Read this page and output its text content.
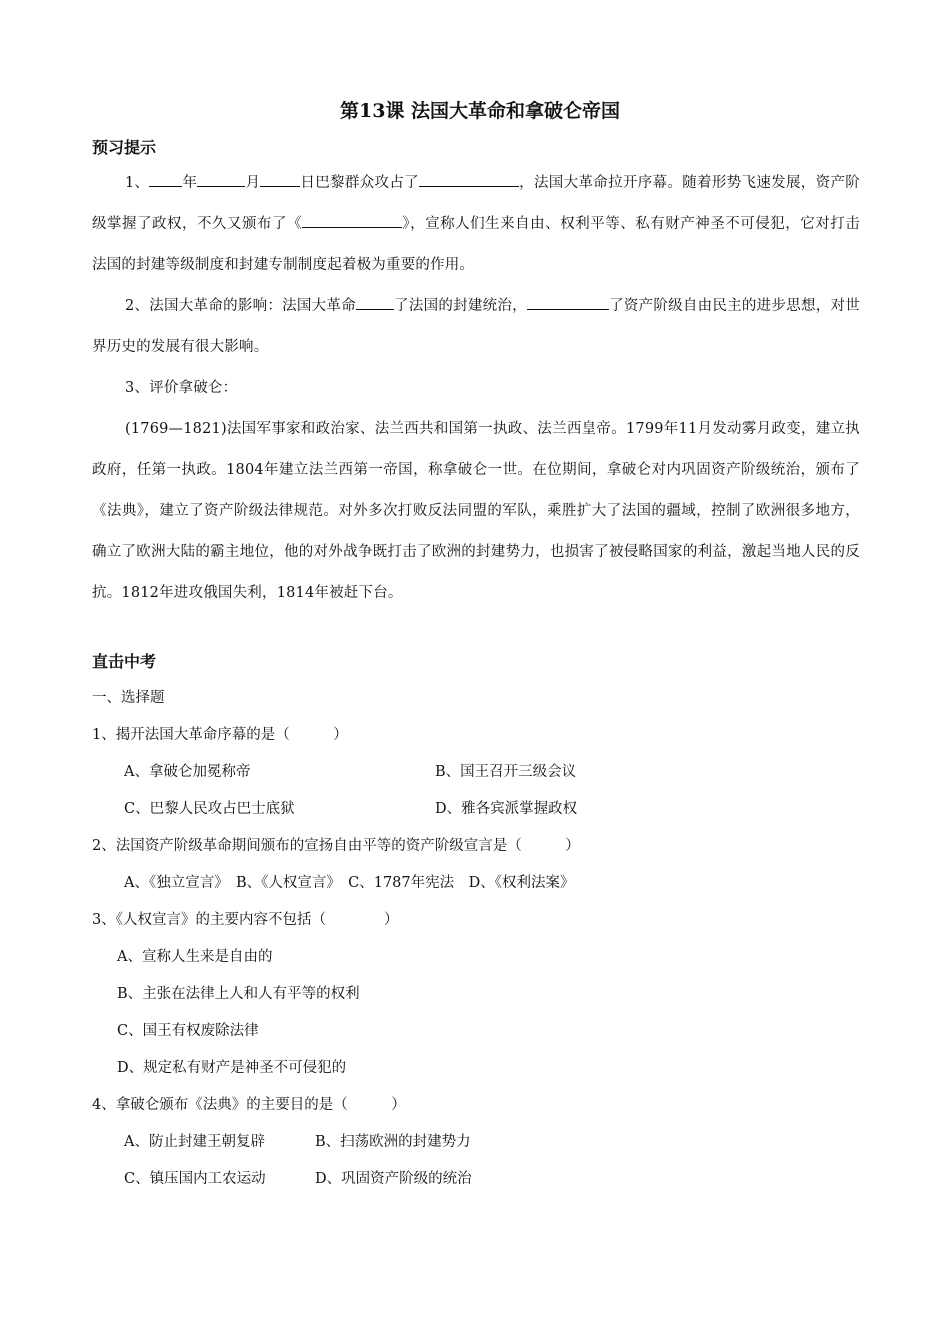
第13课 法国大革命和拿破仑帝国

预习提示

1、 年	月	日巴黎群众攻占了	，法国大革命拉开序幕。随着形势飞速发展，资产阶级掌握了政权，不久又颁布了《	》，宣称人们生来自由、权利平等、私有财产神圣不可侵犯，它对打击法国的封建等级制度和封建专制制度起着极为重要的作用。

2、法国大革命的影响：法国大革命	了法国的封建统治，	了资产阶级自由民主的进步思想，对世界历史的发展有很大影响。

3、评价拿破仑：

(1769—1821)法国军事家和政治家、法兰西共和国第一执政、法兰西皇帝。1799年11月发动雾月政变，建立执政府，任第一执政。1804年建立法兰西第一帝国，称拿破仑一世。在位期间，拿破仑对内巩固资产阶级统治，颁布了《法典》，建立了资产阶级法律规范。对外多次打败反法同盟的军队，乘胜扩大了法国的疆域，控制了欧洲很多地方，确立了欧洲大陆的霸主地位，他的对外战争既打击了欧洲的封建势力，也损害了被侵略国家的利益，激起当地人民的反抗。1812年进攻俄国失利，1814年被赶下台。

直击中考

一、选择题

1、揭开法国大革命序幕的是（　　　）

A、拿破仑加冕称帝	B、国王召开三级会议

C、巴黎人民攻占巴士底狱	D、雅各宾派掌握政权

2、法国资产阶级革命期间颁布的宣扬自由平等的资产阶级宣言是（　　　）

A、《独立宣言》　B、《人权宣言》　C、1787年宪法　D、《权利法案》

3、《人权宣言》的主要内容不包括（　　　　）

A、宣称人生来是自由的

B、主张在法律上人和人有平等的权利

C、国王有权废除法律

D、规定私有财产是神圣不可侵犯的

4、拿破仑颁布《法典》的主要目的是（　　　）

A、防止封建王朝复辟	B、扫荡欧洲的封建势力

C、镇压国内工农运动	D、巩固资产阶级的统治
